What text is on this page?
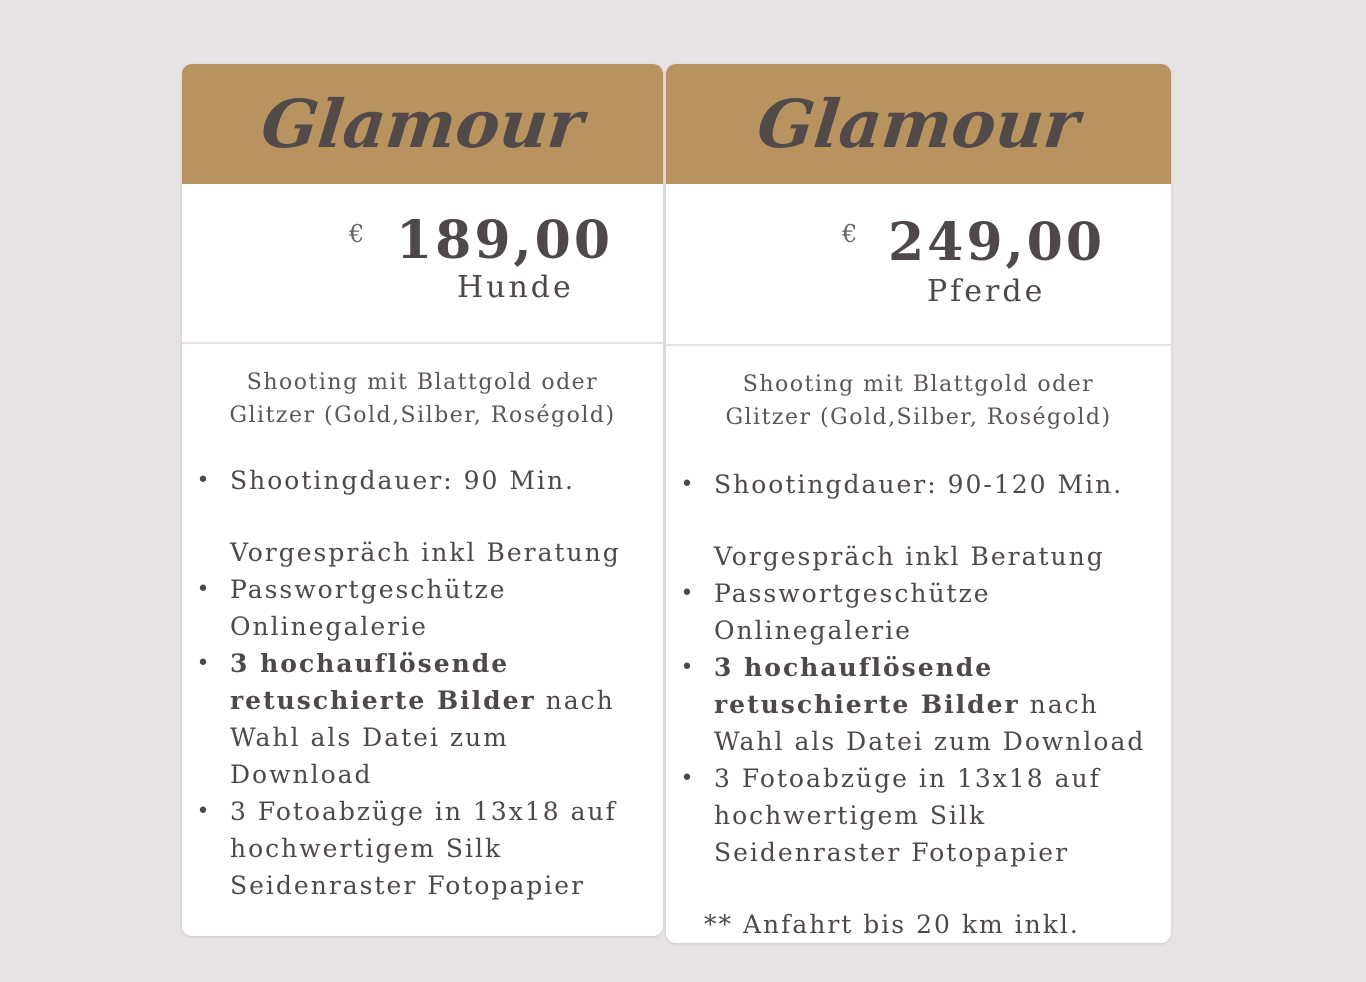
Glamour
€ 189,00
Hunde
Shooting mit Blattgold oder Glitzer (Gold,Silber, Roségold)
• Shootingdauer: 90 Min.
Vorgespräch inkl Beratung
• Passwortgeschütze Onlinegalerie
• 3 hochauflösende retuschierte Bilder nach Wahl als Datei zum Download
• 3 Fotoabzüge in 13x18 auf hochwertigem Silk Seidenraster Fotopapier
Glamour
€ 249,00
Pferde
Shooting mit Blattgold oder Glitzer (Gold,Silber, Roségold)
• Shootingdauer: 90-120 Min.
Vorgespräch inkl Beratung
• Passwortgeschütze Onlinegalerie
• 3 hochauflösende retuschierte Bilder nach Wahl als Datei zum Download
• 3 Fotoabzüge in 13x18 auf hochwertigem Silk Seidenraster Fotopapier
** Anfahrt bis 20 km inkl.
